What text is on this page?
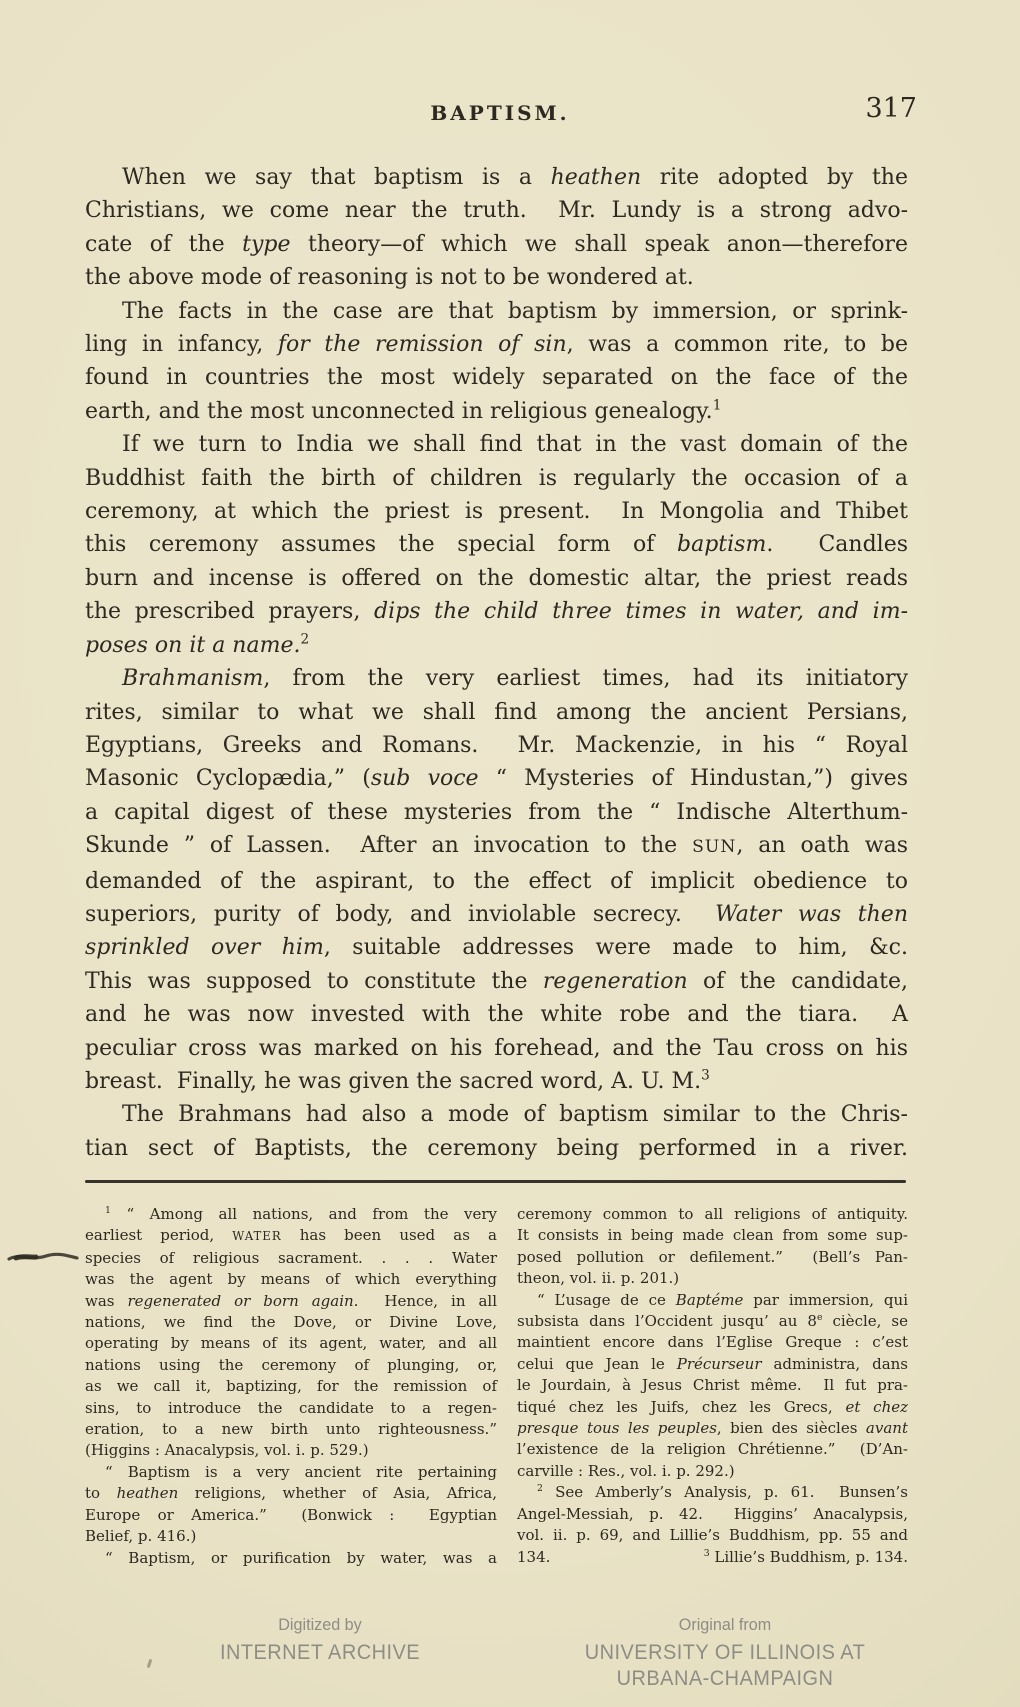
BAPTISM.	317
When we say that baptism is a heathen rite adopted by the
Christians, we come near the truth.  Mr. Lundy is a strong advo-
cate of the type theory—of which we shall speak anon—therefore
the above mode of reasoning is not to be wondered at.
The facts in the case are that baptism by immersion, or sprink-
ling in infancy, for the remission of sin, was a common rite, to be
found in countries the most widely separated on the face of the
earth, and the most unconnected in religious genealogy.$^1$
If we turn to India we shall find that in the vast domain of the
Buddhist faith the birth of children is regularly the occasion of a
ceremony, at which the priest is present.  In Mongolia and Thibet
this ceremony assumes the special form of baptism.  Candles
burn and incense is offered on the domestic altar, the priest reads
the prescribed prayers, dips the child three times in water, and im-
poses on it a name.$^2$
Brahmanism, from the very earliest times, had its initiatory
rites, similar to what we shall find among the ancient Persians,
Egyptians, Greeks and Romans.  Mr. Mackenzie, in his “ Royal
Masonic Cyclopædia,” (sub voce “ Mysteries of Hindustan,”) gives
a capital digest of these mysteries from the “ Indische Alterthum-
Skunde ” of Lassen.  After an invocation to the SUN, an oath was
demanded of the aspirant, to the effect of implicit obedience to
superiors, purity of body, and inviolable secrecy.  Water was then
sprinkled over him, suitable addresses were made to him, &c.
This was supposed to constitute the regeneration of the candidate,
and he was now invested with the white robe and the tiara.  A
peculiar cross was marked on his forehead, and the Tau cross on his
breast.  Finally, he was given the sacred word, A. U. M.$^3$
The Brahmans had also a mode of baptism similar to the Chris-
tian sect of Baptists, the ceremony being performed in a river.
$^1$ “ Among all nations, and from the very
earliest period, WATER has been used as a
species of religious sacrament. . . . Water
was the agent by means of which everything
was regenerated or born again.  Hence, in all
nations, we find the Dove, or Divine Love,
operating by means of its agent, water, and all
nations using the ceremony of plunging, or,
as we call it, baptizing, for the remission of
sins, to introduce the candidate to a regen-
eration, to a new birth unto righteousness.”
(Higgins : Anacalypsis, vol. i. p. 529.)
“ Baptism is a very ancient rite pertaining
to heathen religions, whether of Asia, Africa,
Europe or America.”  (Bonwick :  Egyptian
Belief, p. 416.)
“ Baptism, or purification by water, was a
ceremony common to all religions of antiquity.
It consists in being made clean from some sup-
posed pollution or defilement.”  (Bell’s Pan-
theon, vol. ii. p. 201.)
“ L’usage de ce Baptéme par immersion, qui
subsista dans l’Occident jusqu’ au 8e ciècle, se
maintient encore dans l’Eglise Greque : c’est
celui que Jean le Précurseur administra, dans
le Jourdain, à Jesus Christ même.  Il fut pra-
tiqué chez les Juifs, chez les Grecs, et chez
presque tous les peuples, bien des siècles avant
l’existence de la religion Chrétienne.”  (D’An-
carville : Res., vol. i. p. 292.)
$^2$ See Amberly’s Analysis, p. 61.  Bunsen’s
Angel-Messiah, p. 42.  Higgins’ Anacalypsis,
vol. ii. p. 69, and Lillie’s Buddhism, pp. 55 and
134.	$^3$ Lillie’s Buddhism, p. 134.
Digitized by
INTERNET ARCHIVE
Original from
UNIVERSITY OF ILLINOIS AT
URBANA-CHAMPAIGN
